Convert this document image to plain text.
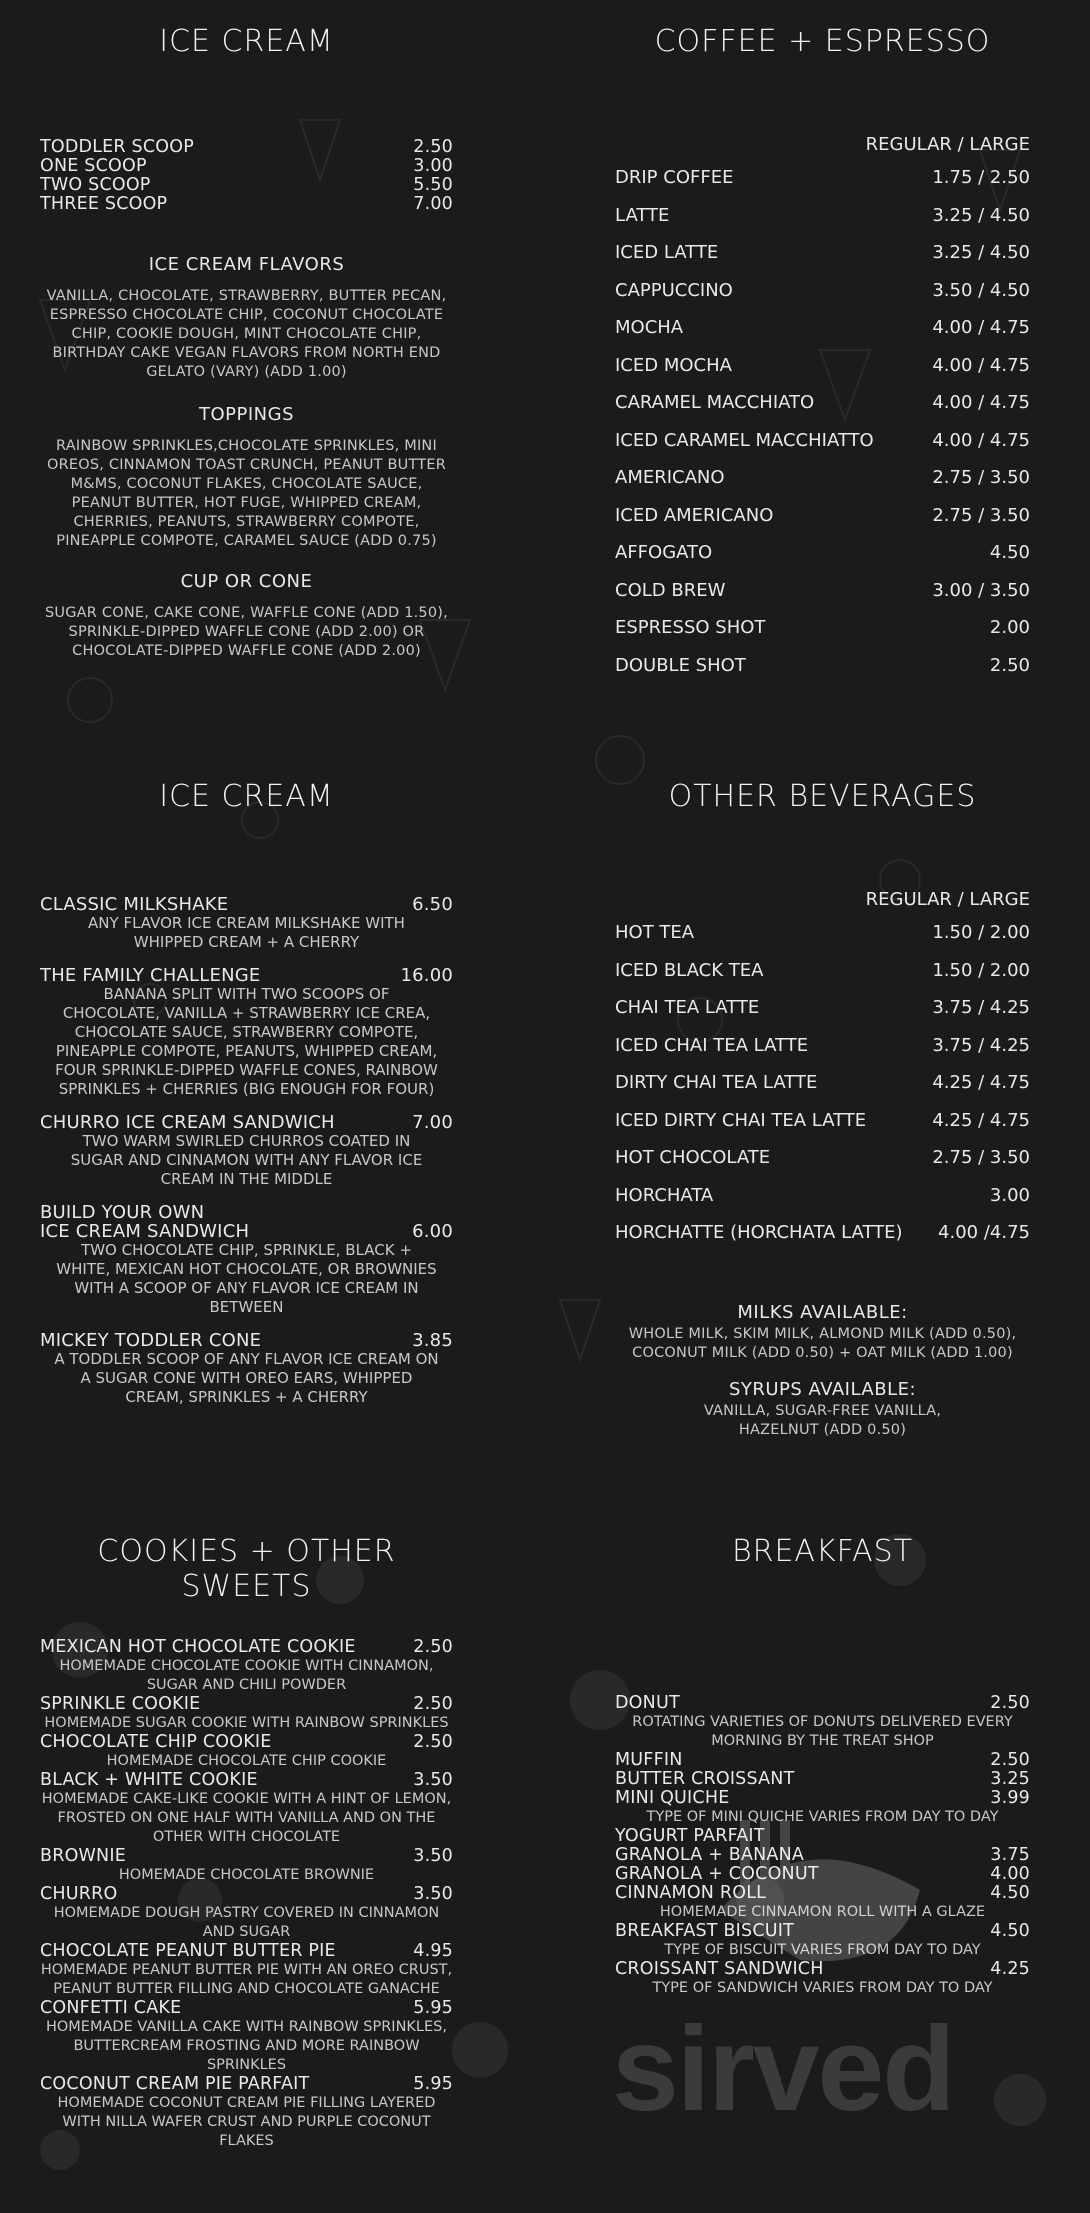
ICE CREAM
TODDLER SCOOP	2.50
ONE SCOOP	3.00
TWO SCOOP	5.50
THREE SCOOP	7.00
ICE CREAM FLAVORS
VANILLA, CHOCOLATE, STRAWBERRY, BUTTER PECAN, ESPRESSO CHOCOLATE CHIP, COCONUT CHOCOLATE CHIP, COOKIE DOUGH, MINT CHOCOLATE CHIP, BIRTHDAY CAKE VEGAN FLAVORS FROM NORTH END GELATO (VARY) (ADD 1.00)
TOPPINGS
RAINBOW SPRINKLES,CHOCOLATE SPRINKLES, MINI OREOS, CINNAMON TOAST CRUNCH, PEANUT BUTTER M&MS, COCONUT FLAKES, CHOCOLATE SAUCE, PEANUT BUTTER, HOT FUGE, WHIPPED CREAM, CHERRIES, PEANUTS, STRAWBERRY COMPOTE, PINEAPPLE COMPOTE, CARAMEL SAUCE (ADD 0.75)
CUP OR CONE
SUGAR CONE, CAKE CONE, WAFFLE CONE (ADD 1.50), SPRINKLE-DIPPED WAFFLE CONE (ADD 2.00) OR CHOCOLATE-DIPPED WAFFLE CONE (ADD 2.00)
COFFEE + ESPRESSO
REGULAR / LARGE
DRIP COFFEE	1.75 / 2.50
LATTE	3.25 / 4.50
ICED LATTE	3.25 / 4.50
CAPPUCCINO	3.50 / 4.50
MOCHA	4.00 / 4.75
ICED MOCHA	4.00 / 4.75
CARAMEL MACCHIATO	4.00 / 4.75
ICED CARAMEL MACCHIATTO	4.00 / 4.75
AMERICANO	2.75 / 3.50
ICED AMERICANO	2.75 / 3.50
AFFOGATO	4.50
COLD BREW	3.00 / 3.50
ESPRESSO SHOT	2.00
DOUBLE SHOT	2.50
ICE CREAM
CLASSIC MILKSHAKE	6.50
ANY FLAVOR ICE CREAM MILKSHAKE WITH WHIPPED CREAM + A CHERRY
THE FAMILY CHALLENGE	16.00
BANANA SPLIT WITH TWO SCOOPS OF CHOCOLATE, VANILLA + STRAWBERRY ICE CREA, CHOCOLATE SAUCE, STRAWBERRY COMPOTE, PINEAPPLE COMPOTE, PEANUTS, WHIPPED CREAM, FOUR SPRINKLE-DIPPED WAFFLE CONES, RAINBOW SPRINKLES + CHERRIES (BIG ENOUGH FOR FOUR)
CHURRO ICE CREAM SANDWICH	7.00
TWO WARM SWIRLED CHURROS COATED IN SUGAR AND CINNAMON WITH ANY FLAVOR ICE CREAM IN THE MIDDLE
BUILD YOUR OWN
ICE CREAM SANDWICH	6.00
TWO CHOCOLATE CHIP, SPRINKLE, BLACK + WHITE, MEXICAN HOT CHOCOLATE, OR BROWNIES WITH A SCOOP OF ANY FLAVOR ICE CREAM IN BETWEEN
MICKEY TODDLER CONE	3.85
A TODDLER SCOOP OF ANY FLAVOR ICE CREAM ON A SUGAR CONE WITH OREO EARS, WHIPPED CREAM, SPRINKLES + A CHERRY
OTHER BEVERAGES
REGULAR / LARGE
HOT TEA	1.50 / 2.00
ICED BLACK TEA	1.50 / 2.00
CHAI TEA LATTE	3.75 / 4.25
ICED CHAI TEA LATTE	3.75 / 4.25
DIRTY CHAI TEA LATTE	4.25 / 4.75
ICED DIRTY CHAI TEA LATTE	4.25 / 4.75
HOT CHOCOLATE	2.75 / 3.50
HORCHATA	3.00
HORCHATTE (HORCHATA LATTE) 4.00 /4.75
MILKS AVAILABLE:
WHOLE MILK, SKIM MILK, ALMOND MILK (ADD 0.50), COCONUT MILK (ADD 0.50) + OAT MILK (ADD 1.00)
SYRUPS AVAILABLE:
VANILLA, SUGAR-FREE VANILLA, HAZELNUT (ADD 0.50)
COOKIES + OTHER SWEETS
MEXICAN HOT CHOCOLATE COOKIE	2.50
HOMEMADE CHOCOLATE COOKIE WITH CINNAMON, SUGAR AND CHILI POWDER
SPRINKLE COOKIE	2.50
HOMEMADE SUGAR COOKIE WITH RAINBOW SPRINKLES
CHOCOLATE CHIP COOKIE	2.50
HOMEMADE CHOCOLATE CHIP COOKIE
BLACK + WHITE COOKIE	3.50
HOMEMADE CAKE-LIKE COOKIE WITH A HINT OF LEMON, FROSTED ON ONE HALF WITH VANILLA AND ON THE OTHER WITH CHOCOLATE
BROWNIE	3.50
HOMEMADE CHOCOLATE BROWNIE
CHURRO	3.50
HOMEMADE DOUGH PASTRY COVERED IN CINNAMON AND SUGAR
CHOCOLATE PEANUT BUTTER PIE	4.95
HOMEMADE PEANUT BUTTER PIE WITH AN OREO CRUST, PEANUT BUTTER FILLING AND CHOCOLATE GANACHE
CONFETTI CAKE	5.95
HOMEMADE VANILLA CAKE WITH RAINBOW SPRINKLES, BUTTERCREAM FROSTING AND MORE RAINBOW SPRINKLES
COCONUT CREAM PIE PARFAIT	5.95
HOMEMADE COCONUT CREAM PIE FILLING LAYERED WITH NILLA WAFER CRUST AND PURPLE COCONUT FLAKES
BREAKFAST
DONUT	2.50
ROTATING VARIETIES OF DONUTS DELIVERED EVERY MORNING BY THE TREAT SHOP
MUFFIN	2.50
BUTTER CROISSANT	3.25
MINI QUICHE	3.99
TYPE OF MINI QUICHE VARIES FROM DAY TO DAY
YOGURT PARFAIT
GRANOLA + BANANA	3.75
GRANOLA + COCONUT	4.00
CINNAMON ROLL	4.50
HOMEMADE CINNAMON ROLL WITH A GLAZE
BREAKFAST BISCUIT	4.50
TYPE OF BISCUIT VARIES FROM DAY TO DAY
CROISSANT SANDWICH	4.25
TYPE OF SANDWICH VARIES FROM DAY TO DAY
sirved
